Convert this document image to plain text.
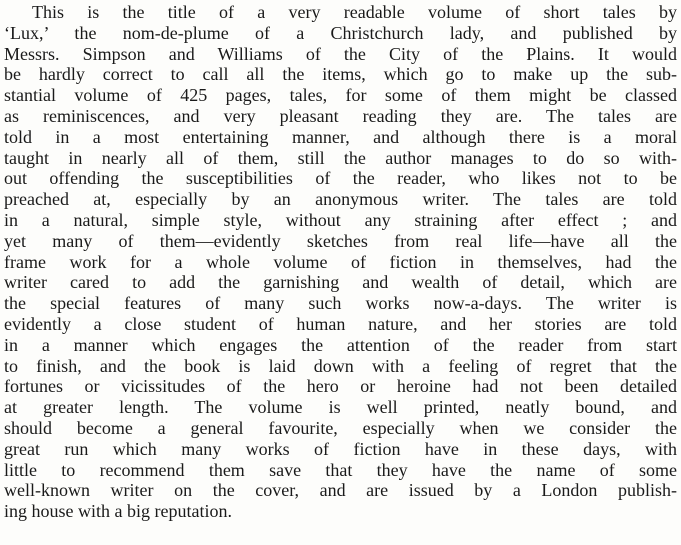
This is the title of a very readable volume of short tales by
‘Lux,’ the nom-de-plume of a Christchurch lady, and published by
Messrs. Simpson and Williams of the City of the Plains. It would
be hardly correct to call all the items, which go to make up the sub-
stantial volume of 425 pages, tales, for some of them might be classed
as reminiscences, and very pleasant reading they are. The tales are
told in a most entertaining manner, and although there is a moral
taught in nearly all of them, still the author manages to do so with-
out offending the susceptibilities of the reader, who likes not to be
preached at, especially by an anonymous writer. The tales are told
in a natural, simple style, without any straining after effect ; and
yet many of them—evidently sketches from real life—have all the
frame work for a whole volume of fiction in themselves, had the
writer cared to add the garnishing and wealth of detail, which are
the special features of many such works now-a-days. The writer is
evidently a close student of human nature, and her stories are told
in a manner which engages the attention of the reader from start
to finish, and the book is laid down with a feeling of regret that the
fortunes or vicissitudes of the hero or heroine had not been detailed
at greater length. The volume is well printed, neatly bound, and
should become a general favourite, especially when we consider the
great run which many works of fiction have in these days, with
little to recommend them save that they have the name of some
well-known writer on the cover, and are issued by a London publish-
ing house with a big reputation.
